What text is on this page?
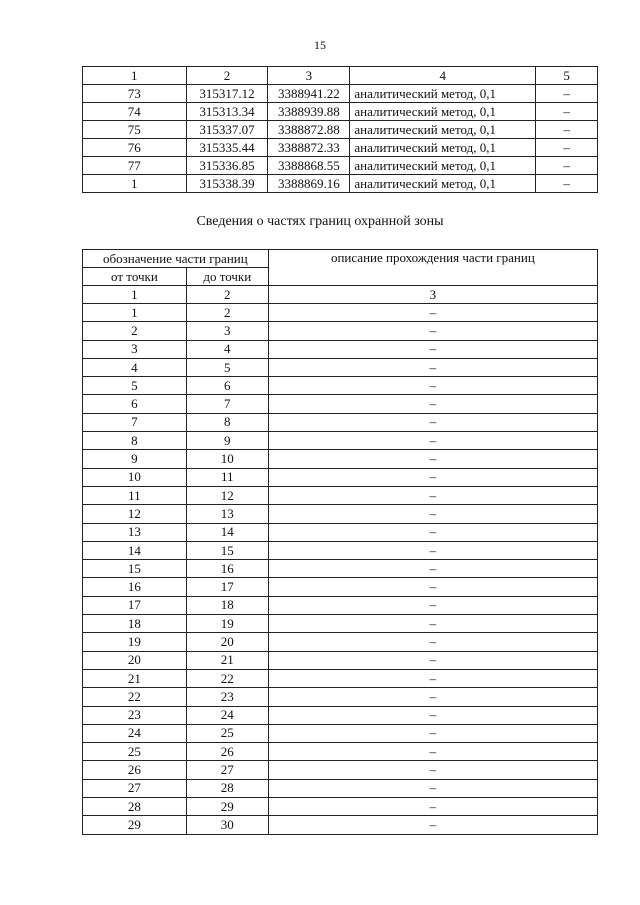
15
1	2	3	4	5
73	315317.12	3388941.22	аналитический метод, 0,1	–
74	315313.34	3388939.88	аналитический метод, 0,1	–
75	315337.07	3388872.88	аналитический метод, 0,1	–
76	315335.44	3388872.33	аналитический метод, 0,1	–
77	315336.85	3388868.55	аналитический метод, 0,1	–
1	315338.39	3388869.16	аналитический метод, 0,1	–
Сведения о частях границ охранной зоны
обозначение части границ		описание прохождения части границ
от точки	до точки	
1	2	3
1	2	–
2	3	–
3	4	–
4	5	–
5	6	–
6	7	–
7	8	–
8	9	–
9	10	–
10	11	–
11	12	–
12	13	–
13	14	–
14	15	–
15	16	–
16	17	–
17	18	–
18	19	–
19	20	–
20	21	–
21	22	–
22	23	–
23	24	–
24	25	–
25	26	–
26	27	–
27	28	–
28	29	–
29	30	–
